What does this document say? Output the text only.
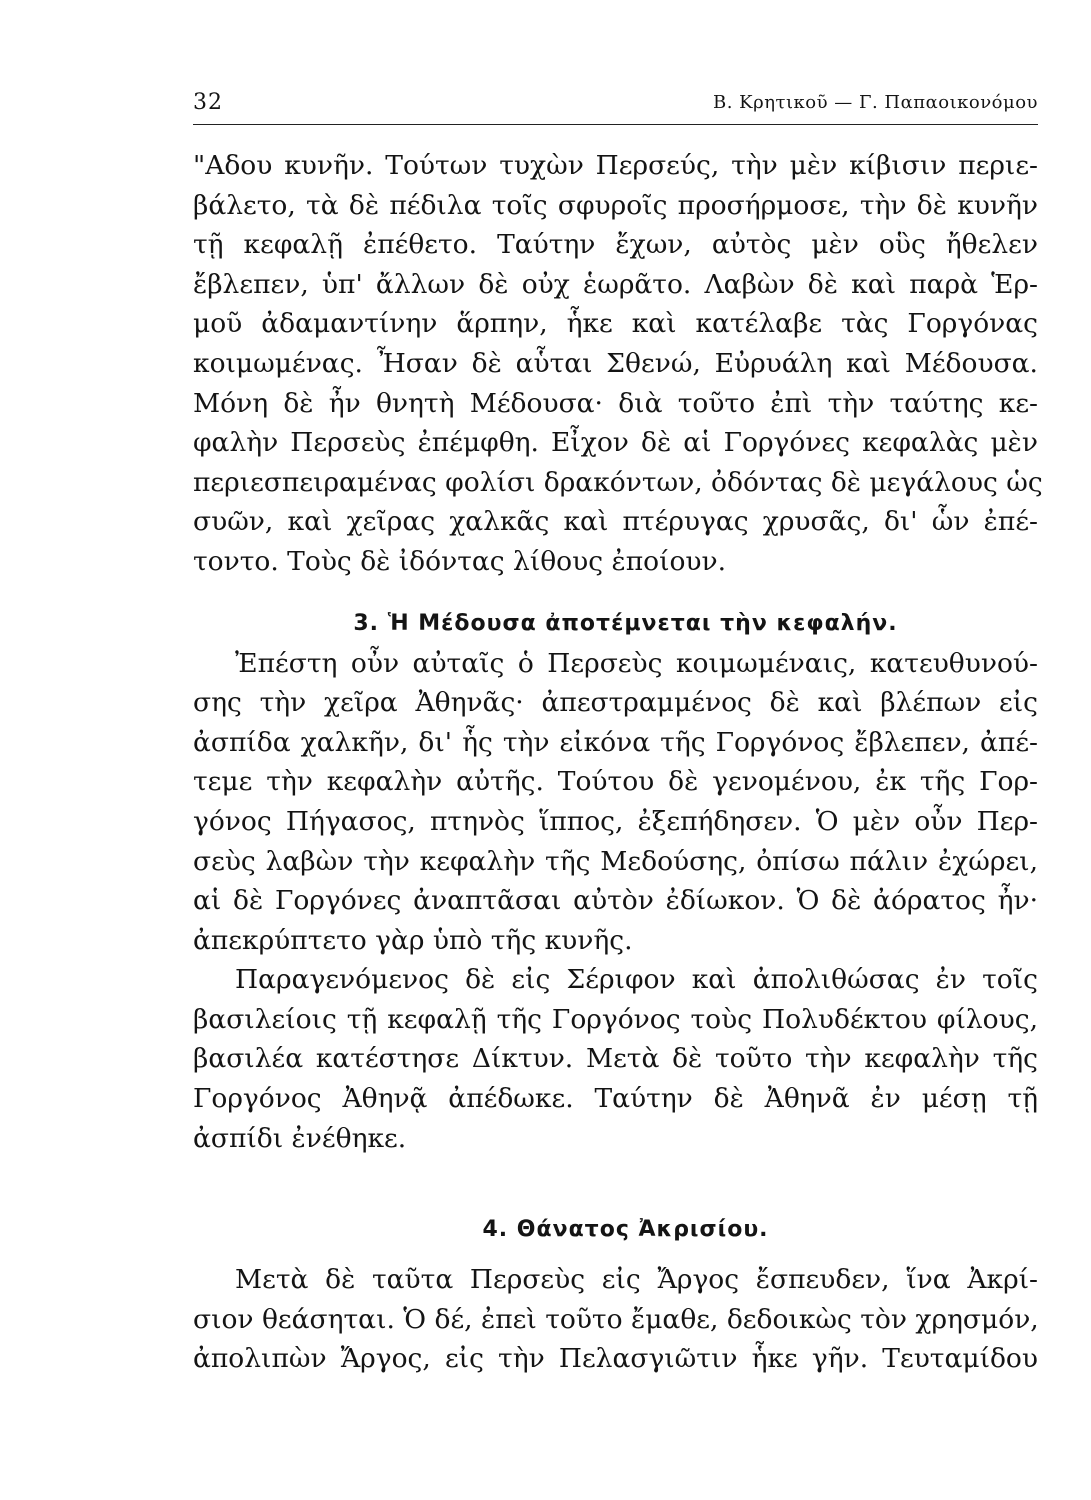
32	Β. Κρητικοῦ — Γ. Παπαοικονόμου
"Αδου κυνῆν. Τούτων τυχὼν Περσεύς, τὴν μὲν κίβισιν περιε-
βάλετο, τὰ δὲ πέδιλα τοῖς σφυροῖς προσήρμοσε, τὴν δὲ κυνῆν
τῇ κεφαλῇ ἐπέθετο. Ταύτην ἔχων, αὐτὸς μὲν οὓς ἤθελεν
ἔβλεπεν, ὑπ' ἄλλων δὲ οὐχ ἑωρᾶτο. Λαβὼν δὲ καὶ παρὰ Ἑρ-
μοῦ ἀδαμαντίνην ἅρπην, ἧκε καὶ κατέλαβε τὰς Γοργόνας
κοιμωμένας. Ἦσαν δὲ αὗται Σθενώ, Εὐρυάλη καὶ Μέδουσα.
Μόνη δὲ ἦν θνητὴ Μέδουσα· διὰ τοῦτο ἐπὶ τὴν ταύτης κε-
φαλὴν Περσεὺς ἐπέμφθη. Εἶχον δὲ αἱ Γοργόνες κεφαλὰς μὲν
περιεσπειραμένας φολίσι δρακόντων, ὀδόντας δὲ μεγάλους ὡς
συῶν, καὶ χεῖρας χαλκᾶς καὶ πτέρυγας χρυσᾶς, δι' ὧν ἐπέ-
τοντο. Τοὺς δὲ ἰδόντας λίθους ἐποίουν.
3. Ἡ Μέδουσα ἀποτέμνεται τὴν κεφαλήν.
Ἐπέστη οὖν αὐταῖς ὁ Περσεὺς κοιμωμέναις, κατευθυνού-
σης τὴν χεῖρα Ἀθηνᾶς· ἀπεστραμμένος δὲ καὶ βλέπων εἰς
ἀσπίδα χαλκῆν, δι' ἧς τὴν εἰκόνα τῆς Γοργόνος ἔβλεπεν, ἀπέ-
τεμε τὴν κεφαλὴν αὐτῆς. Τούτου δὲ γενομένου, ἐκ τῆς Γορ-
γόνος Πήγασος, πτηνὸς ἵππος, ἐξεπήδησεν. Ὁ μὲν οὖν Περ-
σεὺς λαβὼν τὴν κεφαλὴν τῆς Μεδούσης, ὀπίσω πάλιν ἐχώρει,
αἱ δὲ Γοργόνες ἀναπτᾶσαι αὐτὸν ἐδίωκον. Ὁ δὲ ἀόρατος ἦν·
ἀπεκρύπτετο γὰρ ὑπὸ τῆς κυνῆς.
Παραγενόμενος δὲ εἰς Σέριφον καὶ ἀπολιθώσας ἐν τοῖς
βασιλείοις τῇ κεφαλῇ τῆς Γοργόνος τοὺς Πολυδέκτου φίλους,
βασιλέα κατέστησε Δίκτυν. Μετὰ δὲ τοῦτο τὴν κεφαλὴν τῆς
Γοργόνος Ἀθηνᾷ ἀπέδωκε. Ταύτην δὲ Ἀθηνᾶ ἐν μέσῃ τῇ
ἀσπίδι ἐνέθηκε.
4. Θάνατος Ἀκρισίου.
Μετὰ δὲ ταῦτα Περσεὺς εἰς Ἄργος ἔσπευδεν, ἵνα Ἀκρί-
σιον θεάσηται. Ὁ δέ, ἐπεὶ τοῦτο ἔμαθε, δεδοικὼς τὸν χρησμόν,
ἀπολιπὼν Ἄργος, εἰς τὴν Πελασγιῶτιν ἧκε γῆν. Τευταμίδου
